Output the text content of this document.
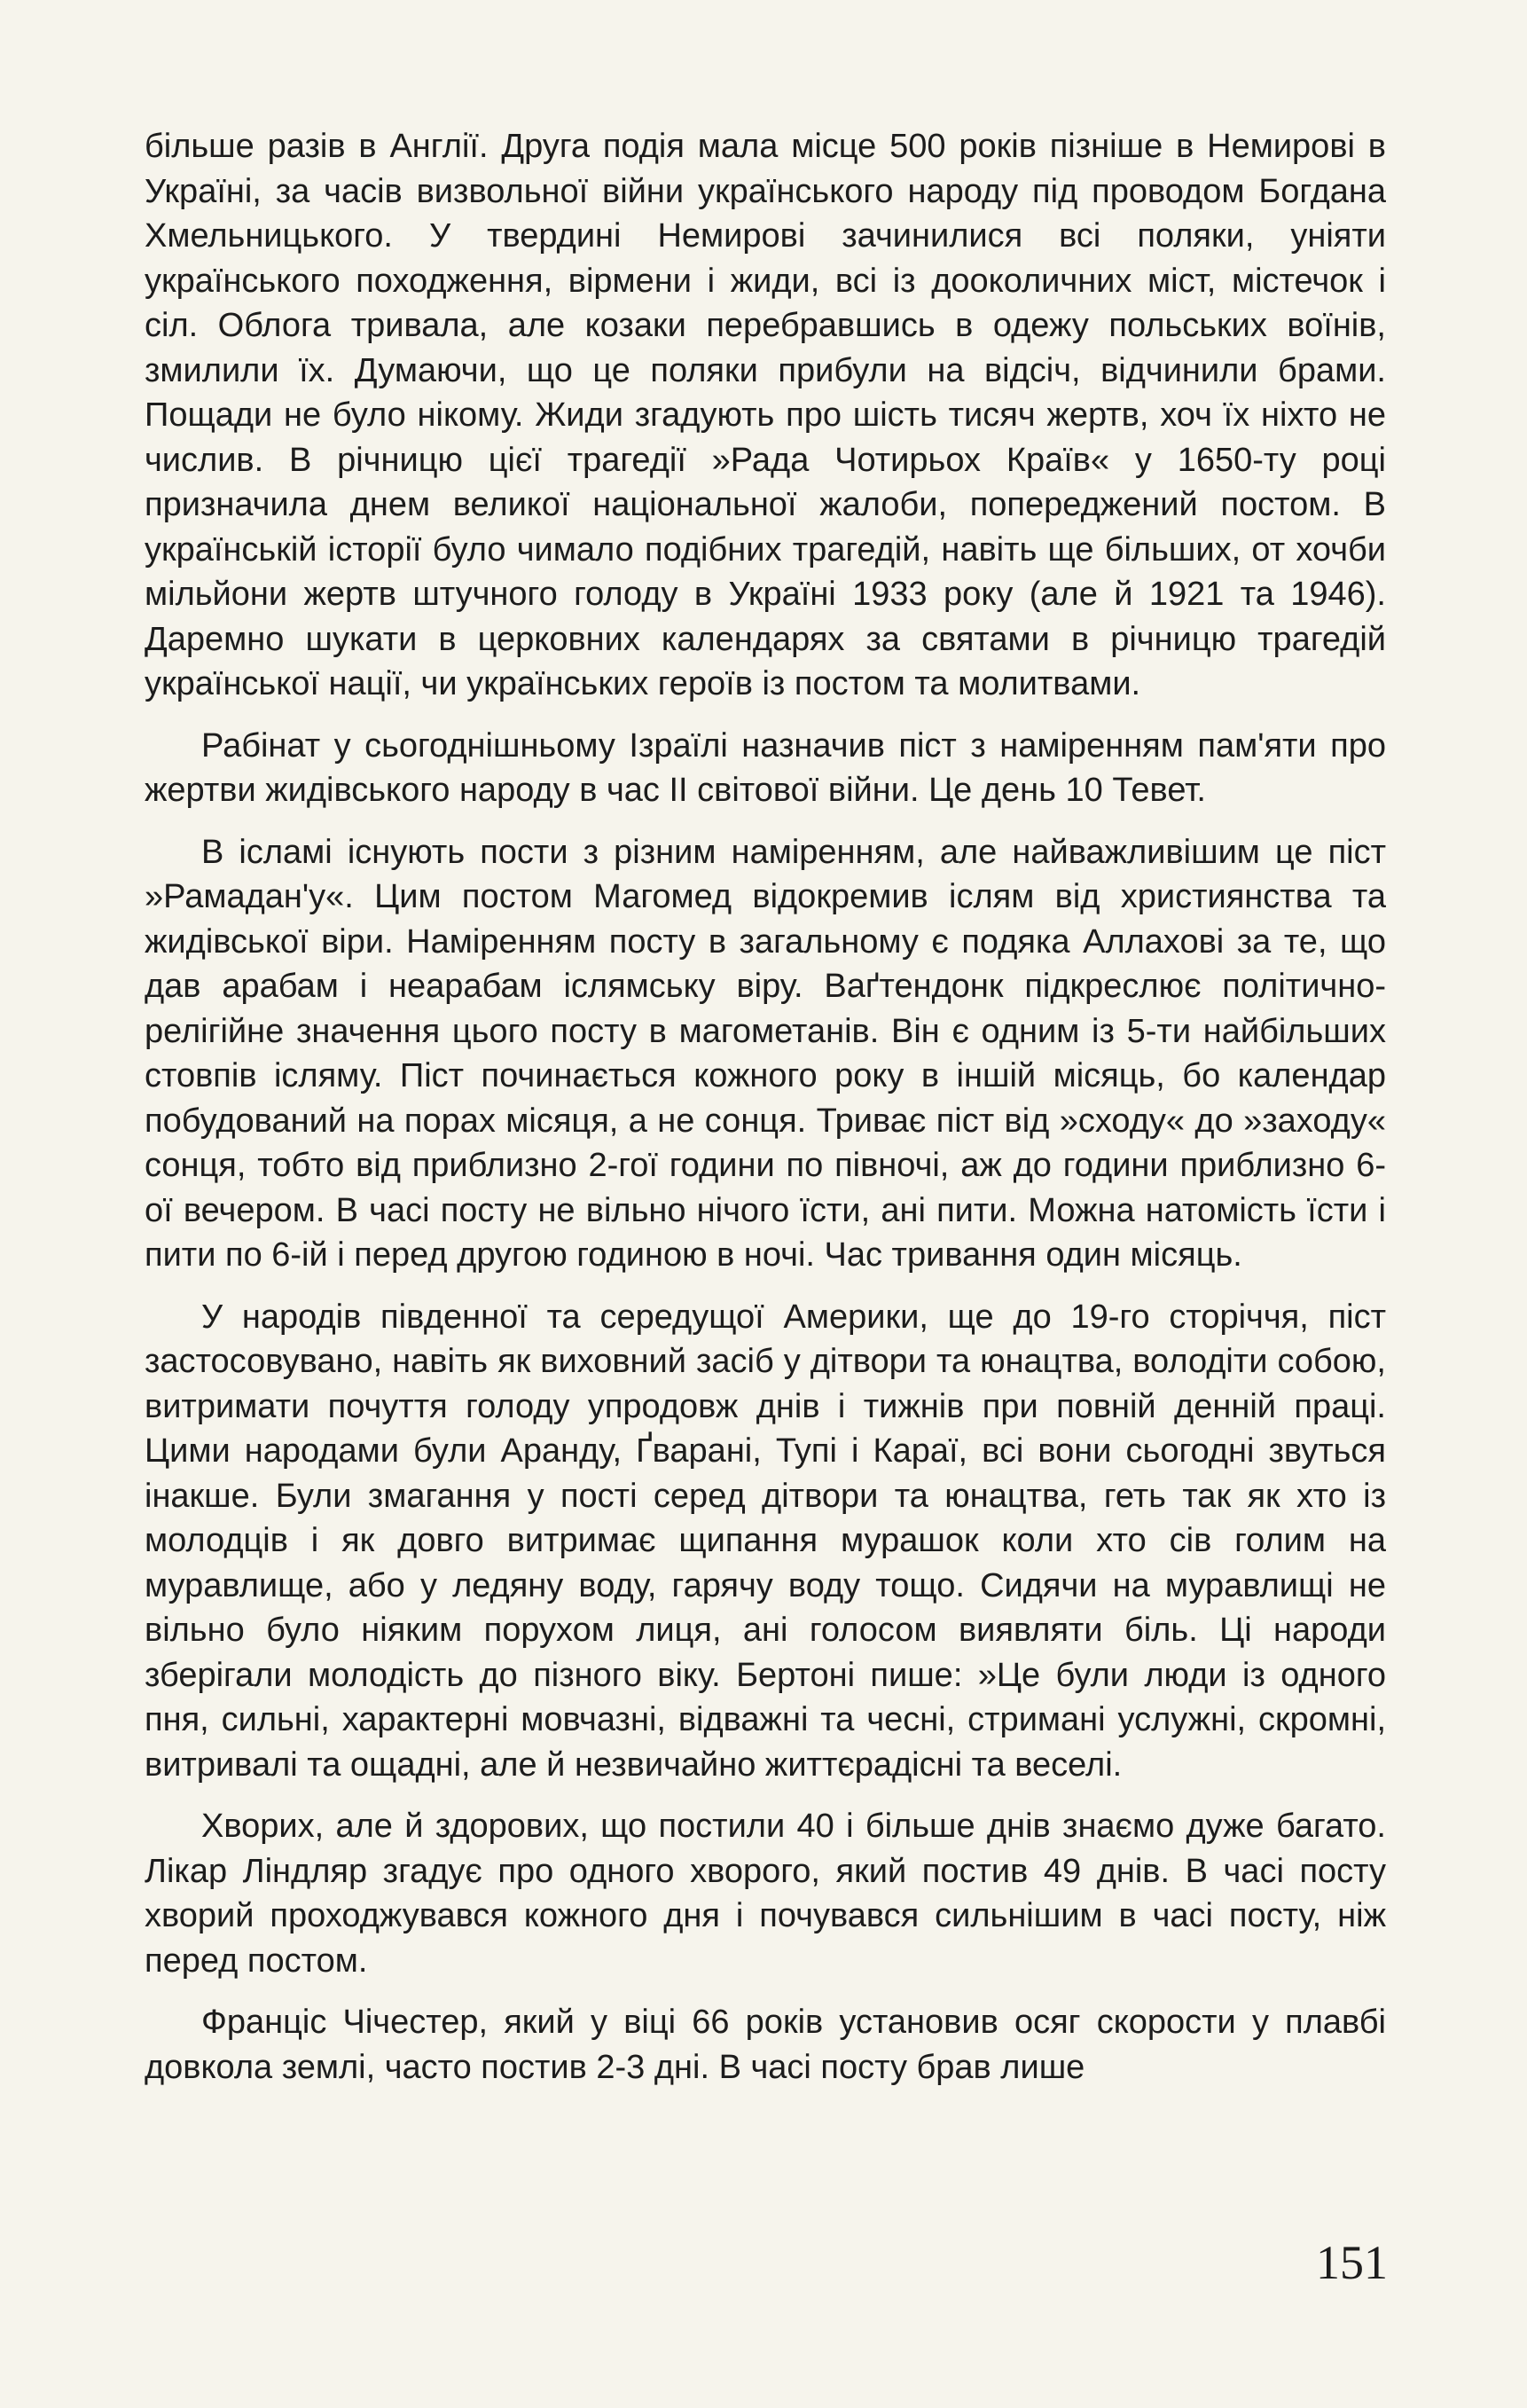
більше разів в Англії. Друга подія мала місце 500 років пізніше в Немирові в Україні, за часів визвольної війни українського народу під проводом Богдана Хмельницького. У твердині Немирові зачинилися всі поляки, уніяти українського походження, вірмени і жиди, всі із дооколичних міст, містечок і сіл. Облога тривала, але козаки перебравшись в одежу польських воїнів, змилили їх. Думаючи, що це поляки прибули на відсіч, відчинили брами. Пощади не було нікому. Жиди згадують про шість тисяч жертв, хоч їх ніхто не числив. В річницю цієї трагедії »Рада Чотирьох Країв« у 1650-ту році призначила днем великої національної жалоби, попереджений постом. В українській історії було чимало подібних трагедій, навіть ще більших, от хочби мільйони жертв штучного голоду в Україні 1933 року (але й 1921 та 1946). Даремно шукати в церковних календарях за святами в річницю трагедій української нації, чи українських героїв із постом та молитвами.

Рабінат у сьогоднішньому Ізраїлі назначив піст з наміренням пам'яти про жертви жидівського народу в час II світової війни. Це день 10 Тевет.

В ісламі існують пости з різним наміренням, але найважливішим це піст »Рамадан'у«. Цим постом Магомед відокремив іслям від християнства та жидівської віри. Наміренням посту в загальному є подяка Аллахові за те, що дав арабам і неарабам іслямську віру. Ваґтендонк підкреслює політично-релігійне значення цього посту в магометанів. Він є одним із 5-ти найбільших стовпів ісляму. Піст починається кожного року в іншій місяць, бо календар побудований на порах місяця, а не сонця. Триває піст від »сходу« до »заходу« сонця, тобто від приблизно 2-гої години по півночі, аж до години приблизно 6-ої вечером. В часі посту не вільно нічого їсти, ані пити. Можна натомість їсти і пити по 6-ій і перед другою годиною в ночі. Час тривання один місяць.

У народів південної та середущої Америки, ще до 19-го сторіччя, піст застосовувано, навіть як виховний засіб у дітвори та юнацтва, володіти собою, витримати почуття голоду упродовж днів і тижнів при повній денній праці. Цими народами були Аранду, Ґварані, Тупі і Караї, всі вони сьогодні звуться інакше. Були змагання у пості серед дітвори та юнацтва, геть так як хто із молодців і як довго витримає щипання мурашок коли хто сів голим на муравлище, або у ледяну воду, гарячу воду тощо. Сидячи на муравлищі не вільно було ніяким порухом лиця, ані голосом виявляти біль. Ці народи зберігали молодість до пізного віку. Бертоні пише: »Це були люди із одного пня, сильні, характерні мовчазні, відважні та чесні, стримані услужні, скромні, витривалі та ощадні, але й незвичайно життєрадісні та веселі.

Хворих, але й здорових, що постили 40 і більше днів знаємо дуже багато. Лікар Ліндляр згадує про одного хворого, який постив 49 днів. В часі посту хворий проходжувався кожного дня і почувався сильнішим в часі посту, ніж перед постом.

Франціс Чічестер, який у віці 66 років установив осяг скорости у плавбі довкола землі, часто постив 2-3 дні. В часі посту брав лише

151
